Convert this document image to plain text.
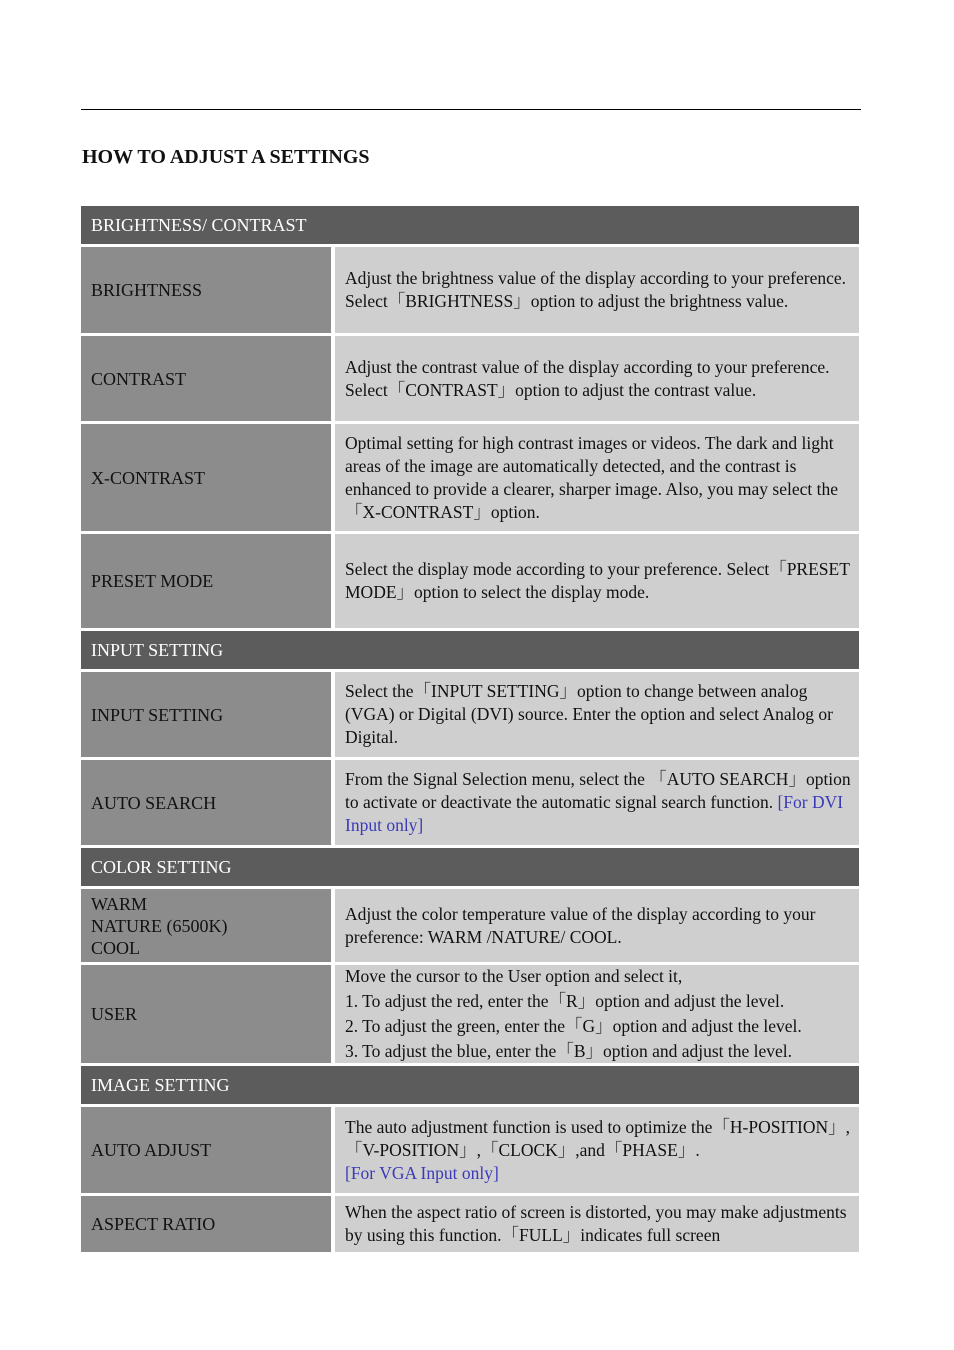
HOW TO ADJUST A SETTINGS
BRIGHTNESS/ CONTRAST
BRIGHTNESS
Adjust the brightness value of the display according to your preference. Select「BRIGHTNESS」option to adjust the brightness value.
CONTRAST
Adjust the contrast value of the display according to your preference. Select「CONTRAST」option to adjust the contrast value.
X-CONTRAST
Optimal setting for high contrast images or videos. The dark and light areas of the image are automatically detected, and the contrast is enhanced to provide a clearer, sharper image. Also, you may select the「X-CONTRAST」option.
PRESET MODE
Select the display mode according to your preference. Select「PRESET MODE」option to select the display mode.
INPUT SETTING
INPUT SETTING
Select the「INPUT SETTING」option to change between analog (VGA) or Digital (DVI) source. Enter the option and select Analog or Digital.
AUTO SEARCH
From the Signal Selection menu, select the 「AUTO SEARCH」option to activate or deactivate the automatic signal search function. [For DVI Input only]
COLOR SETTING
WARM
NATURE (6500K)
COOL
Adjust the color temperature value of the display according to your preference: WARM /NATURE/ COOL.
USER
Move the cursor to the User option and select it,
1. To adjust the red, enter the「R」option and adjust the level.
2. To adjust the green, enter the「G」option and adjust the level.
3. To adjust the blue, enter the「B」option and adjust the level.
IMAGE SETTING
AUTO ADJUST
The auto adjustment function is used to optimize the「H-POSITION」,「V-POSITION」,「CLOCK」,and「PHASE」.
[For VGA Input only]
ASPECT RATIO
When the aspect ratio of screen is distorted, you may make adjustments by using this function.「FULL」indicates full screen
